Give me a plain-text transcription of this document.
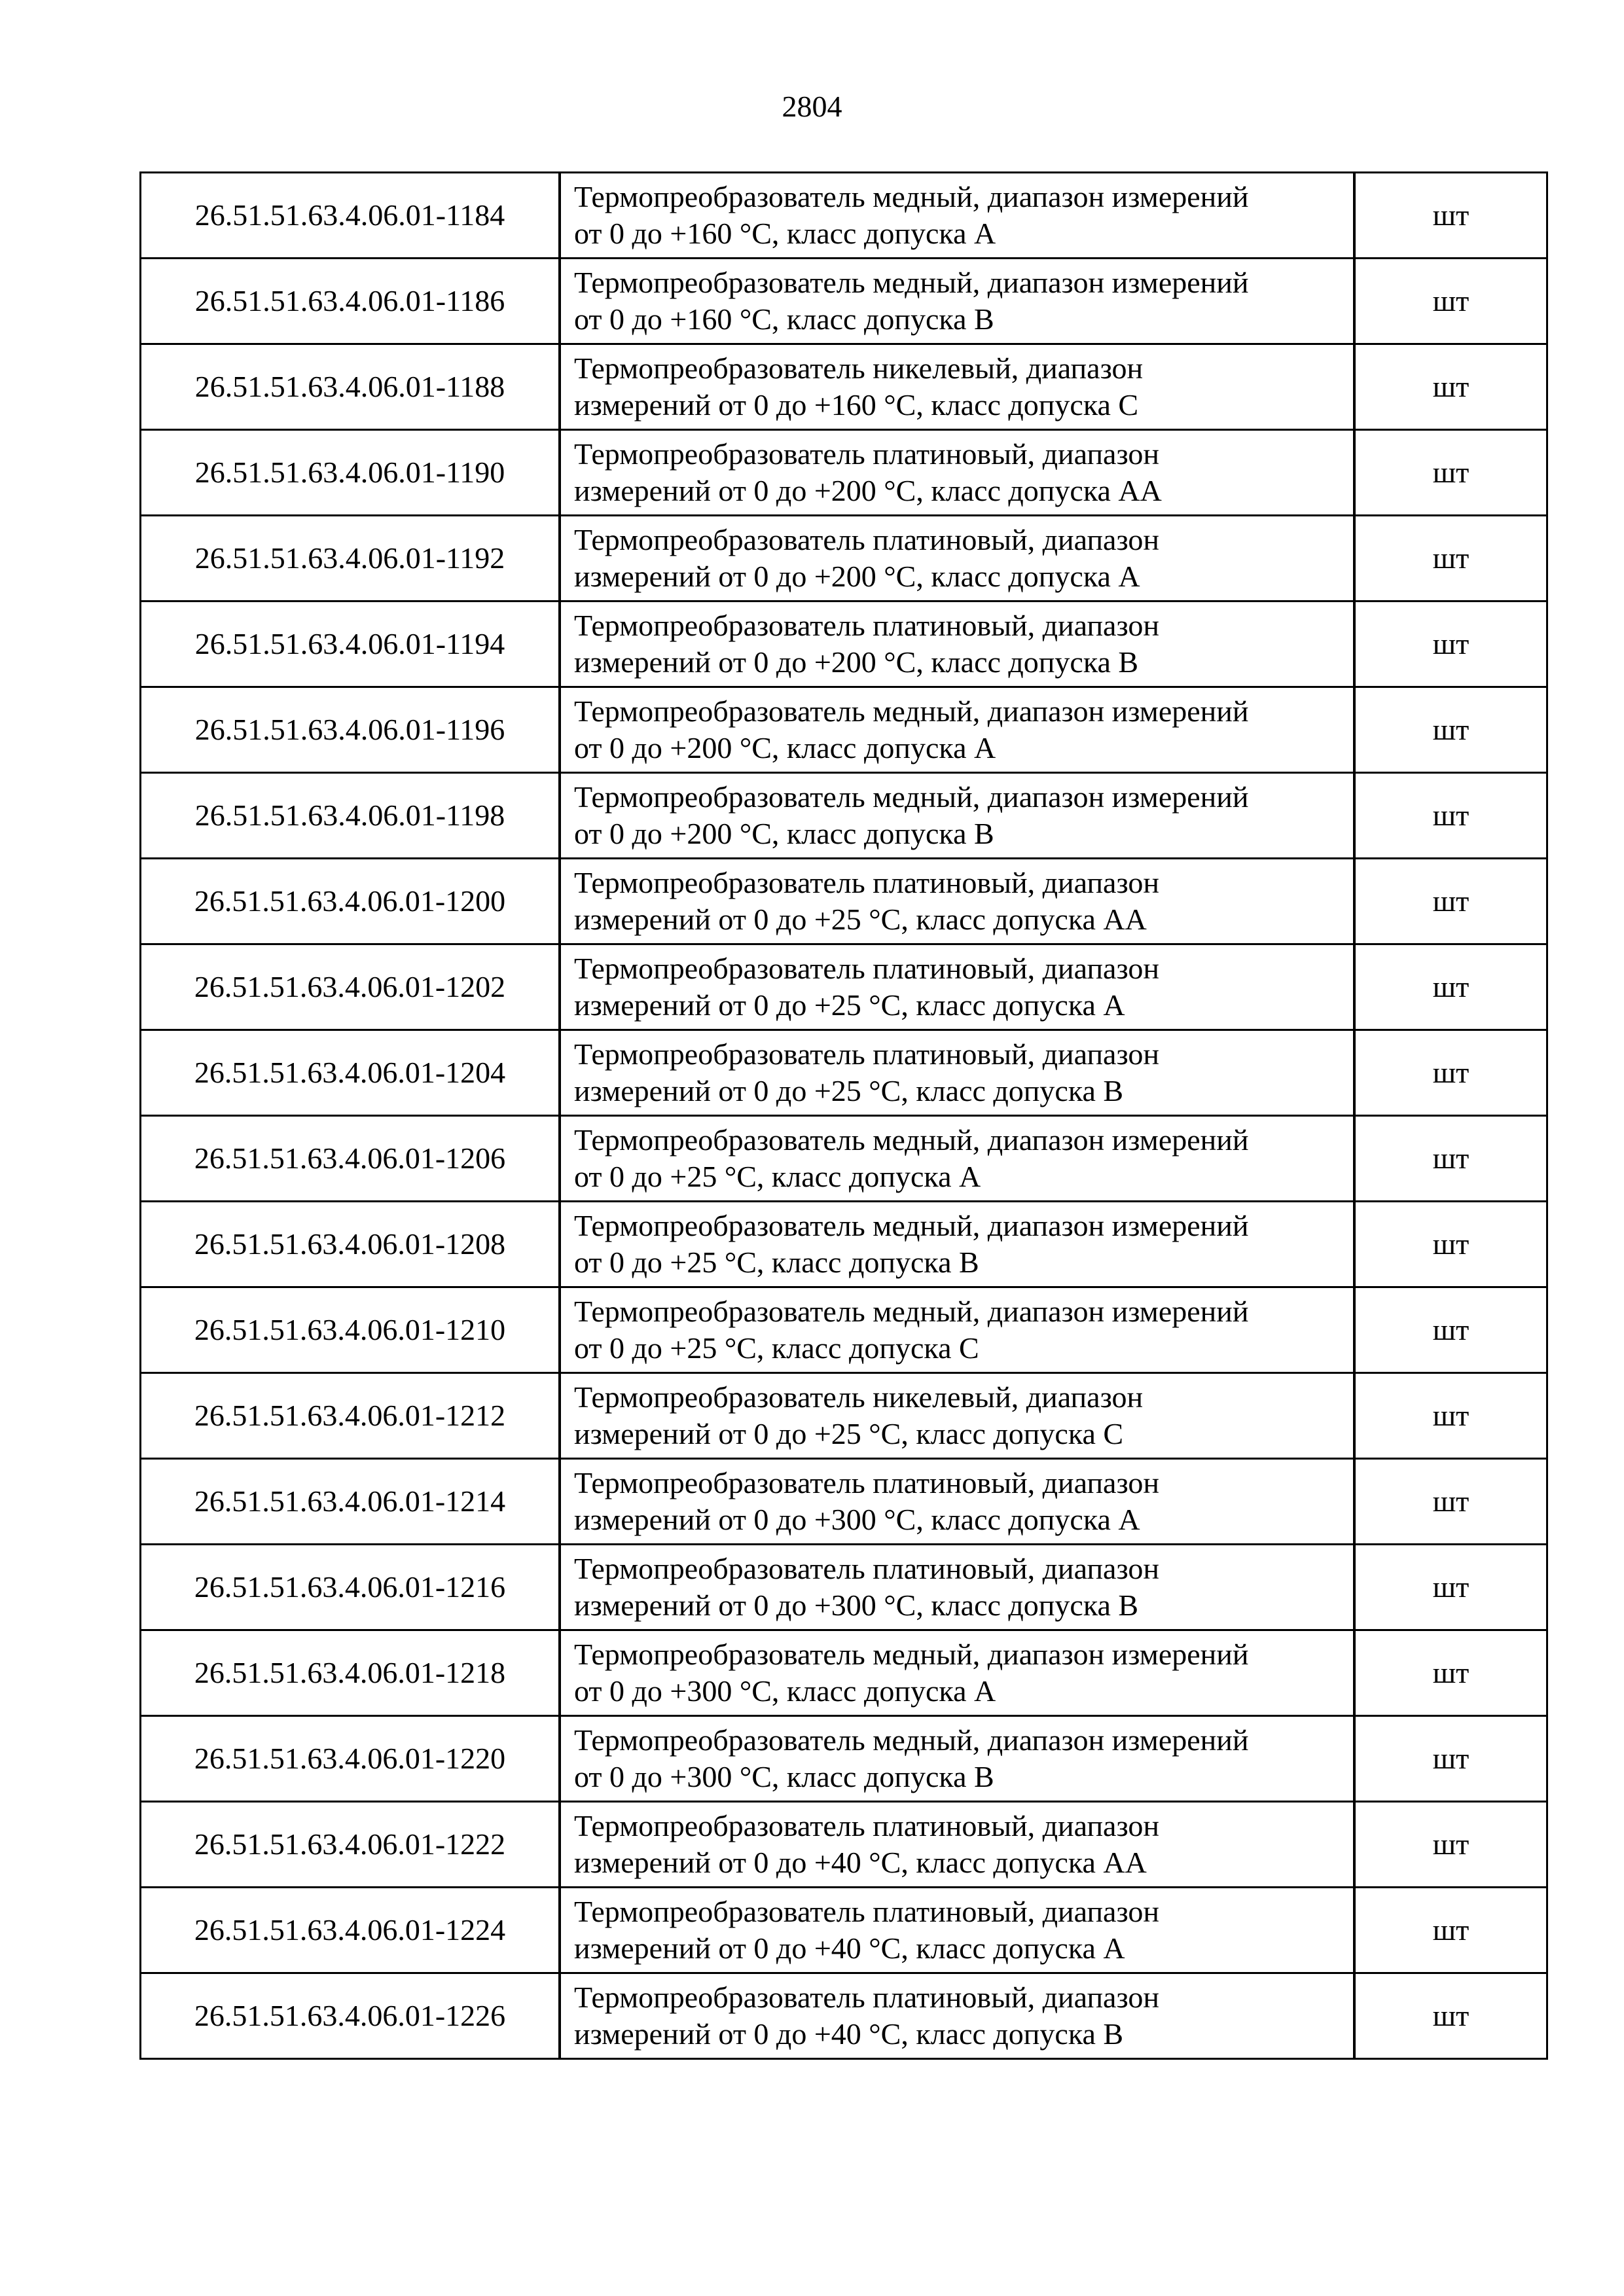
2804
26.51.51.63.4.06.01-1184	Термопреобразователь медный, диапазон измерений
от 0 до +160 °С, класс допуска А	шт
26.51.51.63.4.06.01-1186	Термопреобразователь медный, диапазон измерений
от 0 до +160 °С, класс допуска В	шт
26.51.51.63.4.06.01-1188	Термопреобразователь никелевый, диапазон
измерений от 0 до +160 °С, класс допуска С	шт
26.51.51.63.4.06.01-1190	Термопреобразователь платиновый, диапазон
измерений от 0 до +200 °С, класс допуска АА	шт
26.51.51.63.4.06.01-1192	Термопреобразователь платиновый, диапазон
измерений от 0 до +200 °С, класс допуска А	шт
26.51.51.63.4.06.01-1194	Термопреобразователь платиновый, диапазон
измерений от 0 до +200 °С, класс допуска В	шт
26.51.51.63.4.06.01-1196	Термопреобразователь медный, диапазон измерений
от 0 до +200 °С, класс допуска А	шт
26.51.51.63.4.06.01-1198	Термопреобразователь медный, диапазон измерений
от 0 до +200 °С, класс допуска В	шт
26.51.51.63.4.06.01-1200	Термопреобразователь платиновый, диапазон
измерений от 0 до +25 °С, класс допуска АА	шт
26.51.51.63.4.06.01-1202	Термопреобразователь платиновый, диапазон
измерений от 0 до +25 °С, класс допуска А	шт
26.51.51.63.4.06.01-1204	Термопреобразователь платиновый, диапазон
измерений от 0 до +25 °С, класс допуска В	шт
26.51.51.63.4.06.01-1206	Термопреобразователь медный, диапазон измерений
от 0 до +25 °С, класс допуска А	шт
26.51.51.63.4.06.01-1208	Термопреобразователь медный, диапазон измерений
от 0 до +25 °С, класс допуска В	шт
26.51.51.63.4.06.01-1210	Термопреобразователь медный, диапазон измерений
от 0 до +25 °С, класс допуска С	шт
26.51.51.63.4.06.01-1212	Термопреобразователь никелевый, диапазон
измерений от 0 до +25 °С, класс допуска С	шт
26.51.51.63.4.06.01-1214	Термопреобразователь платиновый, диапазон
измерений от 0 до +300 °С, класс допуска А	шт
26.51.51.63.4.06.01-1216	Термопреобразователь платиновый, диапазон
измерений от 0 до +300 °С, класс допуска В	шт
26.51.51.63.4.06.01-1218	Термопреобразователь медный, диапазон измерений
от 0 до +300 °С, класс допуска А	шт
26.51.51.63.4.06.01-1220	Термопреобразователь медный, диапазон измерений
от 0 до +300 °С, класс допуска В	шт
26.51.51.63.4.06.01-1222	Термопреобразователь платиновый, диапазон
измерений от 0 до +40 °С, класс допуска АА	шт
26.51.51.63.4.06.01-1224	Термопреобразователь платиновый, диапазон
измерений от 0 до +40 °С, класс допуска А	шт
26.51.51.63.4.06.01-1226	Термопреобразователь платиновый, диапазон
измерений от 0 до +40 °С, класс допуска В	шт
